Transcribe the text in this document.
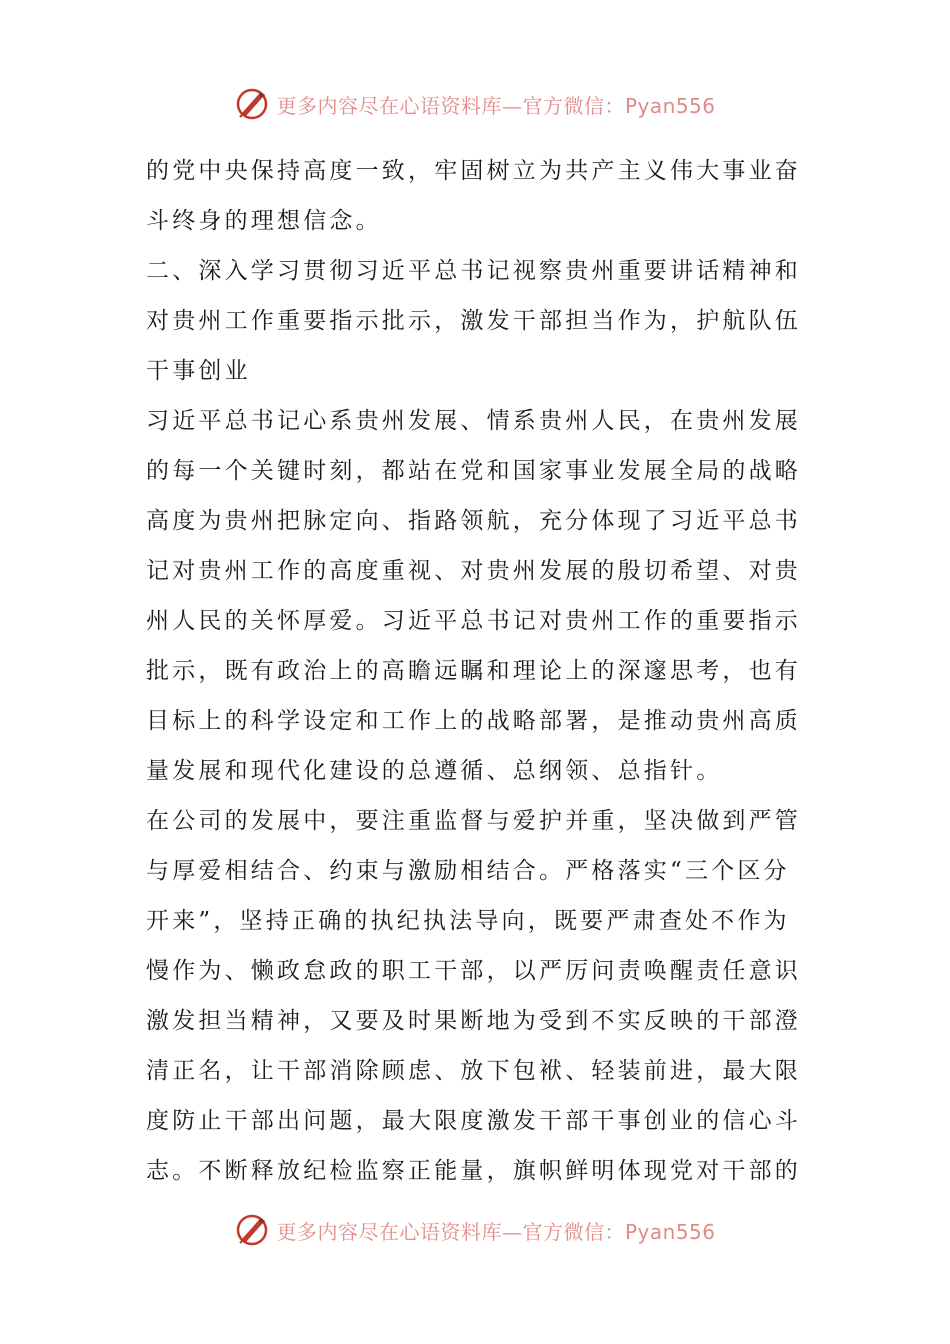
更多内容尽在心语资料库—官方微信：Pyan556
的党中央保持高度一致，牢固树立为共产主义伟大事业奋
斗终身的理想信念。
二、深入学习贯彻习近平总书记视察贵州重要讲话精神和
对贵州工作重要指示批示，激发干部担当作为，护航队伍
干事创业
习近平总书记心系贵州发展、情系贵州人民，在贵州发展
的每一个关键时刻，都站在党和国家事业发展全局的战略
高度为贵州把脉定向、指路领航，充分体现了习近平总书
记对贵州工作的高度重视、对贵州发展的殷切希望、对贵
州人民的关怀厚爱。习近平总书记对贵州工作的重要指示
批示，既有政治上的高瞻远瞩和理论上的深邃思考，也有
目标上的科学设定和工作上的战略部署，是推动贵州高质
量发展和现代化建设的总遵循、总纲领、总指针。
在公司的发展中，要注重监督与爱护并重，坚决做到严管
与厚爱相结合、约束与激励相结合。严格落实“三个区分
开来”，坚持正确的执纪执法导向，既要严肃查处不作为
慢作为、懒政怠政的职工干部，以严厉问责唤醒责任意识
激发担当精神，又要及时果断地为受到不实反映的干部澄
清正名，让干部消除顾虑、放下包袱、轻装前进，最大限
度防止干部出问题，最大限度激发干部干事创业的信心斗
志。不断释放纪检监察正能量，旗帜鲜明体现党对干部的
更多内容尽在心语资料库—官方微信：Pyan556
